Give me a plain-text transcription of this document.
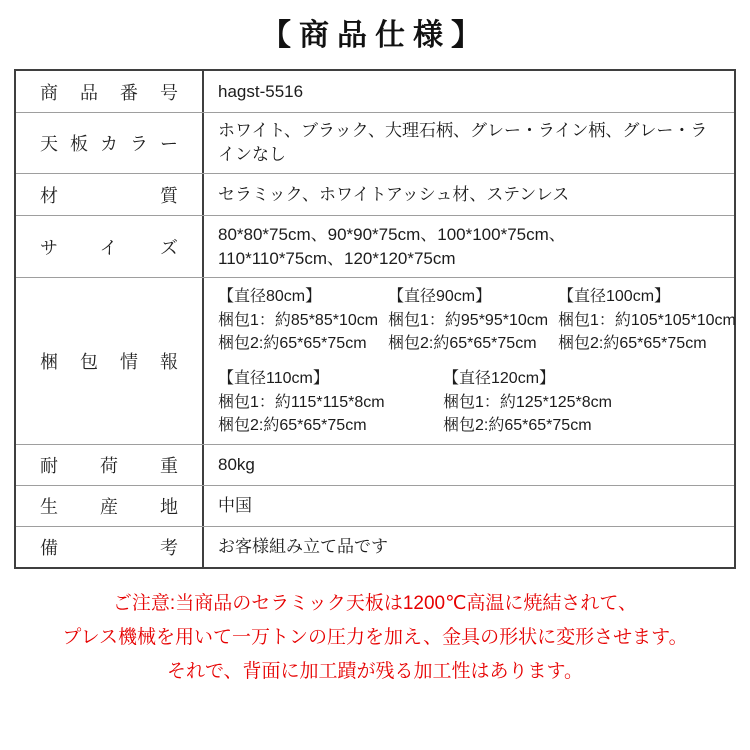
【商品仕様】
商品番号 hagst-5516
天板カラー
ホワイト、ブラック、大理石柄、グレー・ライン柄、グレー・ラインなし
材質 セラミック、ホワイトアッシュ材、ステンレス
サイズ
80*80*75cm、90*90*75cm、100*100*75cm、
110*110*75cm、120*120*75cm
梱包情報
【直径80cm】
梱包1：約85*85*10cm
梱包2:約65*65*75cm
【直径90cm】
梱包1：約95*95*10cm
梱包2:約65*65*75cm
【直径100cm】
梱包1：約105*105*10cm
梱包2:約65*65*75cm
【直径110cm】
梱包1：約115*115*8cm
梱包2:約65*65*75cm
【直径120cm】
梱包1：約125*125*8cm
梱包2:約65*65*75cm
耐荷重 80kg
生産地 中国
備考 お客様組み立て品です
ご注意:当商品のセラミック天板は1200℃高温に焼結されて、
プレス機械を用いて一万トンの圧力を加え、金具の形状に変形させます。
それで、背面に加工蹟が残る加工性はあります。
